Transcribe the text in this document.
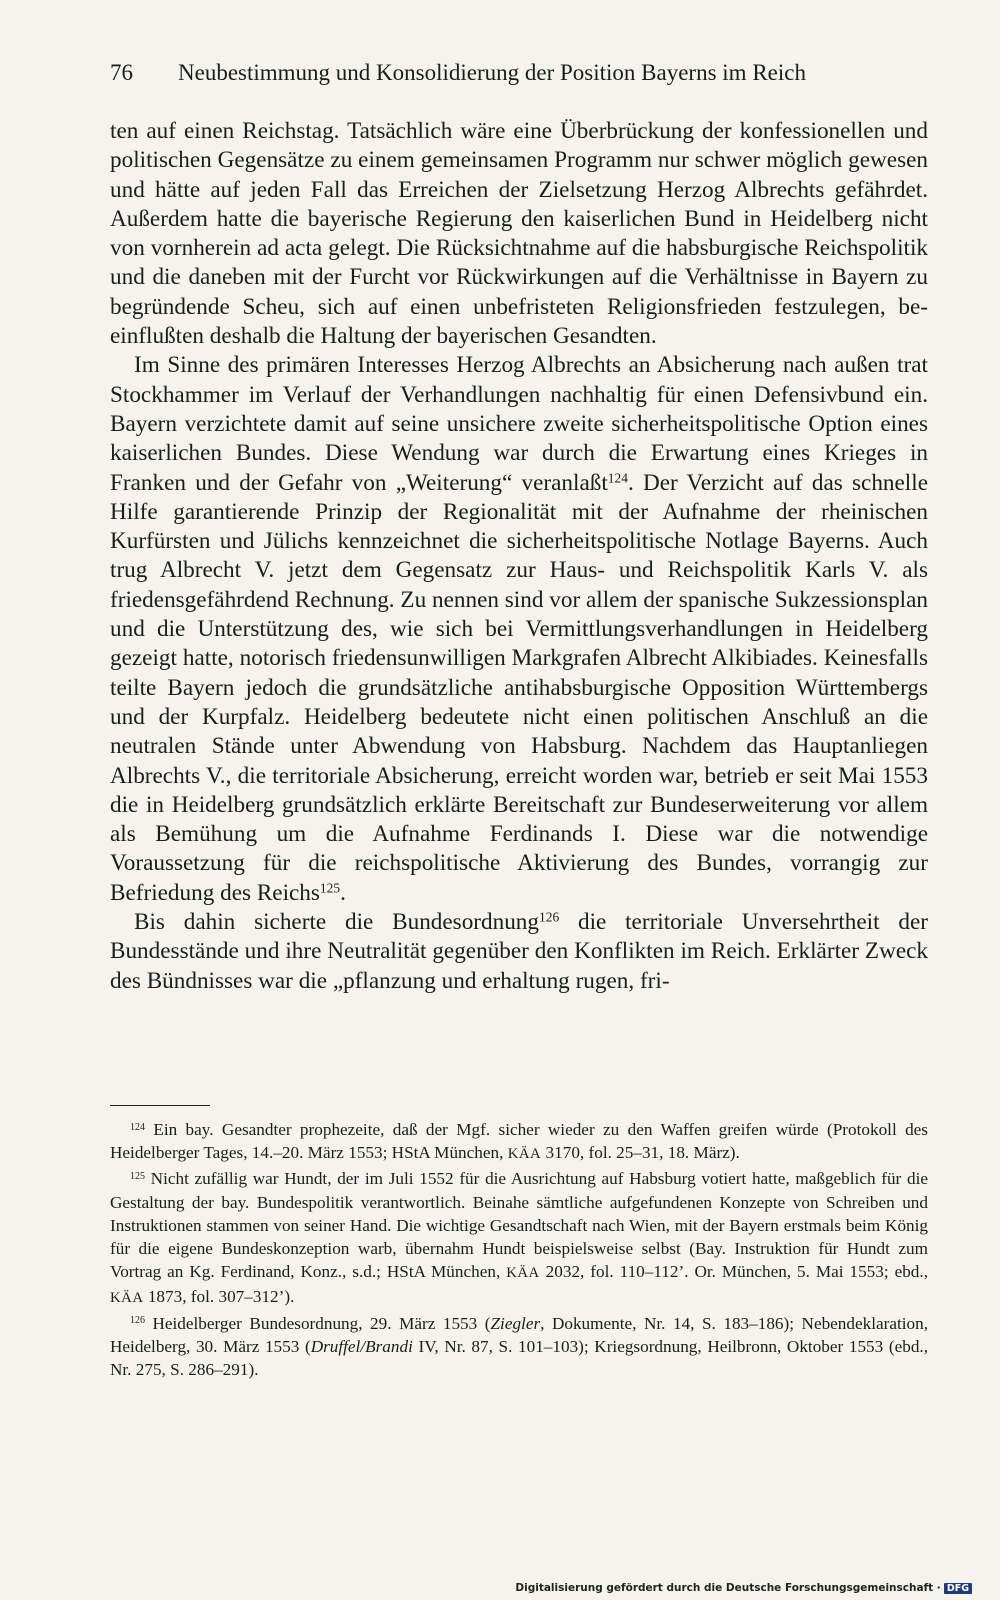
76 Neubestimmung und Konsolidierung der Position Bayerns im Reich

ten auf einen Reichstag. Tatsächlich wäre eine Überbrückung der konfessionellen und politischen Gegensätze zu einem gemeinsamen Programm nur schwer möglich gewesen und hätte auf jeden Fall das Erreichen der Zielsetzung Herzog Albrechts gefährdet. Außerdem hatte die bayerische Regierung den kaiserlichen Bund in Heidelberg nicht von vornherein ad acta gelegt. Die Rücksichtnahme auf die habsburgische Reichspolitik und die daneben mit der Furcht vor Rückwirkungen auf die Verhältnisse in Bayern zu begründende Scheu, sich auf einen unbefristeten Religionsfrieden festzulegen, beeinflußten deshalb die Haltung der bayerischen Gesandten.

Im Sinne des primären Interesses Herzog Albrechts an Absicherung nach außen trat Stockhammer im Verlauf der Verhandlungen nachhaltig für einen Defensivbund ein. Bayern verzichtete damit auf seine unsichere zweite sicherheitspolitische Option eines kaiserlichen Bundes. Diese Wendung war durch die Erwartung eines Krieges in Franken und der Gefahr von „Weiterung“ veranlaßt$^{124}$. Der Verzicht auf das schnelle Hilfe garantierende Prinzip der Regionalität mit der Aufnahme der rheinischen Kurfürsten und Jülichs kennzeichnet die sicherheitspolitische Notlage Bayerns. Auch trug Albrecht V. jetzt dem Gegensatz zur Haus- und Reichspolitik Karls V. als friedensgefährdend Rechnung. Zu nennen sind vor allem der spanische Sukzessionsplan und die Unterstützung des, wie sich bei Vermittlungsverhandlungen in Heidelberg gezeigt hatte, notorisch friedensunwilligen Markgrafen Albrecht Alkibiades. Keinesfalls teilte Bayern jedoch die grundsätzliche antihabsburgische Opposition Württembergs und der Kurpfalz. Heidelberg bedeutete nicht einen politischen Anschluß an die neutralen Stände unter Abwendung von Habsburg. Nachdem das Hauptanliegen Albrechts V., die territoriale Absicherung, erreicht worden war, betrieb er seit Mai 1553 die in Heidelberg grundsätzlich erklärte Bereitschaft zur Bundeserweiterung vor allem als Bemühung um die Aufnahme Ferdinands I. Diese war die notwendige Voraussetzung für die reichspolitische Aktivierung des Bundes, vorrangig zur Befriedung des Reichs$^{125}$.

Bis dahin sicherte die Bundesordnung$^{126}$ die territoriale Unversehrtheit der Bundesstände und ihre Neutralität gegenüber den Konflikten im Reich. Erklärter Zweck des Bündnisses war die „pflanzung und erhaltung rugen, fri-

$^{124}$ Ein bay. Gesandter prophezeite, daß der Mgf. sicher wieder zu den Waffen greifen würde (Protokoll des Heidelberger Tages, 14.–20. März 1553; HStA München, KÄA 3170, fol. 25–31, 18. März).

$^{125}$ Nicht zufällig war Hundt, der im Juli 1552 für die Ausrichtung auf Habsburg votiert hatte, maßgeblich für die Gestaltung der bay. Bundespolitik verantwortlich. Beinahe sämtliche aufgefundenen Konzepte von Schreiben und Instruktionen stammen von seiner Hand. Die wichtige Gesandtschaft nach Wien, mit der Bayern erstmals beim König für die eigene Bundeskonzeption warb, übernahm Hundt beispielsweise selbst (Bay. Instruktion für Hundt zum Vortrag an Kg. Ferdinand, Konz., s.d.; HStA München, KÄA 2032, fol. 110–112’. Or. München, 5. Mai 1553; ebd., KÄA 1873, fol. 307–312’).

$^{126}$ Heidelberger Bundesordnung, 29. März 1553 (Ziegler, Dokumente, Nr. 14, S. 183–186); Nebendeklaration, Heidelberg, 30. März 1553 (Druffel/Brandi IV, Nr. 87, S. 101–103); Kriegsordnung, Heilbronn, Oktober 1553 (ebd., Nr. 275, S. 286–291).

Digitalisierung gefördert durch die Deutsche Forschungsgemeinschaft · DFG
